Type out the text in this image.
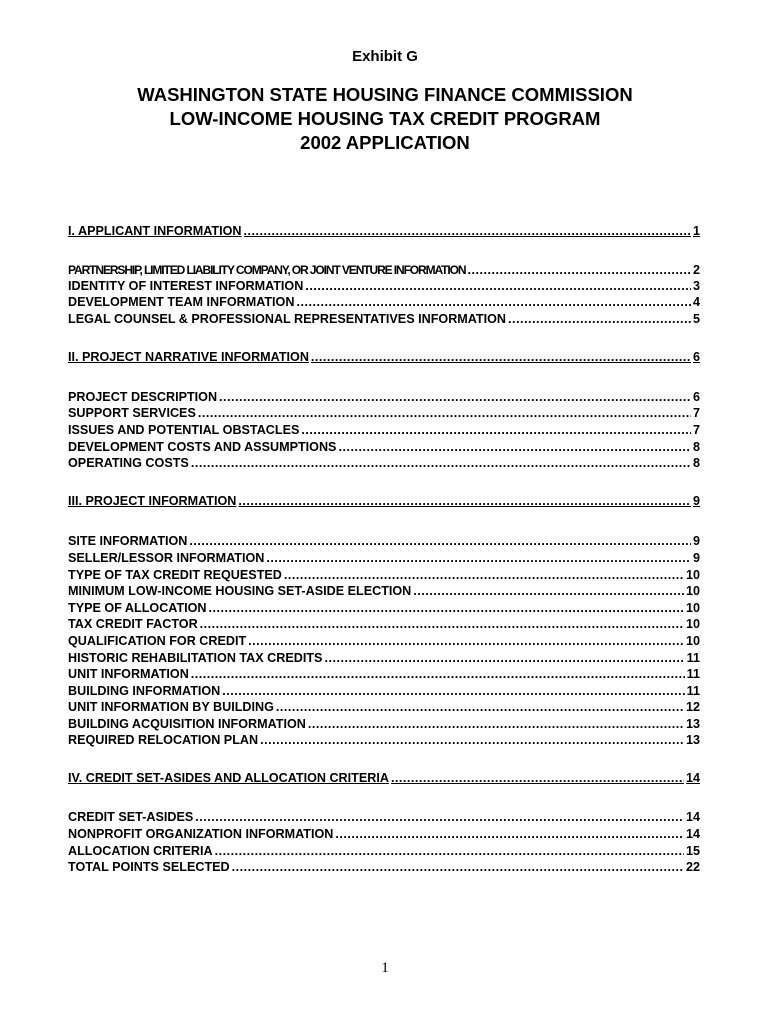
Exhibit G
WASHINGTON STATE HOUSING FINANCE COMMISSION
LOW-INCOME HOUSING TAX CREDIT PROGRAM
2002 APPLICATION
I. APPLICANT INFORMATION .....	1
PARTNERSHIP, LIMITED LIABILITY COMPANY, OR JOINT VENTURE INFORMATION .....	2
IDENTITY OF INTEREST INFORMATION .....	3
DEVELOPMENT TEAM INFORMATION .....	4
LEGAL COUNSEL & PROFESSIONAL REPRESENTATIVES INFORMATION .....	5
II. PROJECT NARRATIVE INFORMATION .....	6
PROJECT DESCRIPTION .....	6
SUPPORT SERVICES .....	7
ISSUES AND POTENTIAL OBSTACLES .....	7
DEVELOPMENT COSTS AND ASSUMPTIONS .....	8
OPERATING COSTS .....	8
III. PROJECT INFORMATION .....	9
SITE INFORMATION .....	9
SELLER/LESSOR INFORMATION .....	9
TYPE OF TAX CREDIT REQUESTED .....	10
MINIMUM LOW-INCOME HOUSING SET-ASIDE ELECTION .....	10
TYPE OF ALLOCATION .....	10
TAX CREDIT FACTOR .....	10
QUALIFICATION FOR CREDIT .....	10
HISTORIC REHABILITATION TAX CREDITS .....	11
UNIT INFORMATION .....	11
BUILDING INFORMATION .....	11
UNIT INFORMATION BY BUILDING .....	12
BUILDING ACQUISITION INFORMATION .....	13
REQUIRED RELOCATION PLAN .....	13
IV. CREDIT SET-ASIDES AND ALLOCATION CRITERIA .....	14
CREDIT SET-ASIDES .....	14
NONPROFIT ORGANIZATION INFORMATION .....	14
ALLOCATION CRITERIA .....	15
TOTAL POINTS SELECTED .....	22
1
